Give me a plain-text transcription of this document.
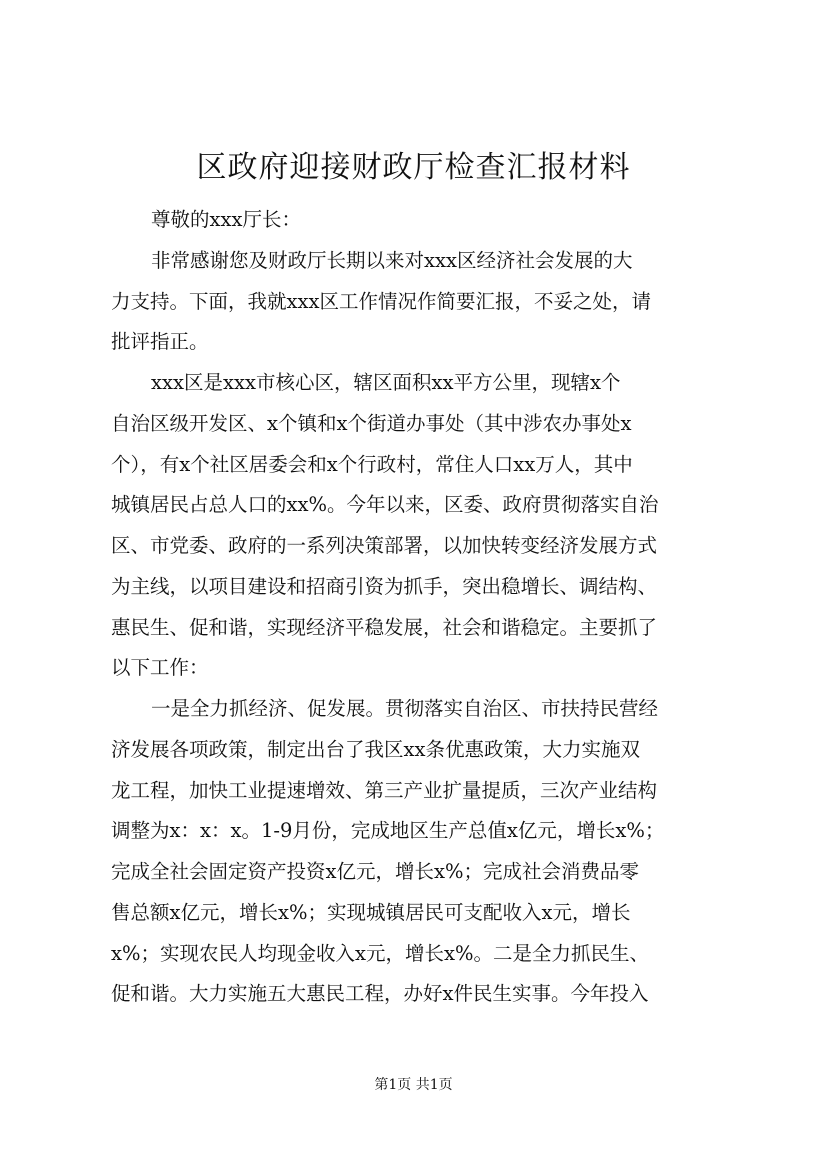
区政府迎接财政厅检查汇报材料
尊敬的xxx厅长：
非常感谢您及财政厅长期以来对xxx区经济社会发展的大
力支持。下面，我就xxx区工作情况作简要汇报，不妥之处，请
批评指正。
xxx区是xxx市核心区，辖区面积xx平方公里，现辖x个
自治区级开发区、x个镇和x个街道办事处（其中涉农办事处x
个），有x个社区居委会和x个行政村，常住人口xx万人，其中
城镇居民占总人口的xx%。今年以来，区委、政府贯彻落实自治
区、市党委、政府的一系列决策部署，以加快转变经济发展方式
为主线，以项目建设和招商引资为抓手，突出稳增长、调结构、
惠民生、促和谐，实现经济平稳发展，社会和谐稳定。主要抓了
以下工作：
一是全力抓经济、促发展。贯彻落实自治区、市扶持民营经
济发展各项政策，制定出台了我区xx条优惠政策，大力实施双
龙工程，加快工业提速增效、第三产业扩量提质，三次产业结构
调整为x：x：x。1-9月份，完成地区生产总值x亿元，增长x%；
完成全社会固定资产投资x亿元，增长x%；完成社会消费品零
售总额x亿元，增长x%；实现城镇居民可支配收入x元，增长
x%；实现农民人均现金收入x元，增长x%。二是全力抓民生、
促和谐。大力实施五大惠民工程，办好x件民生实事。今年投入
第1页 共1页
